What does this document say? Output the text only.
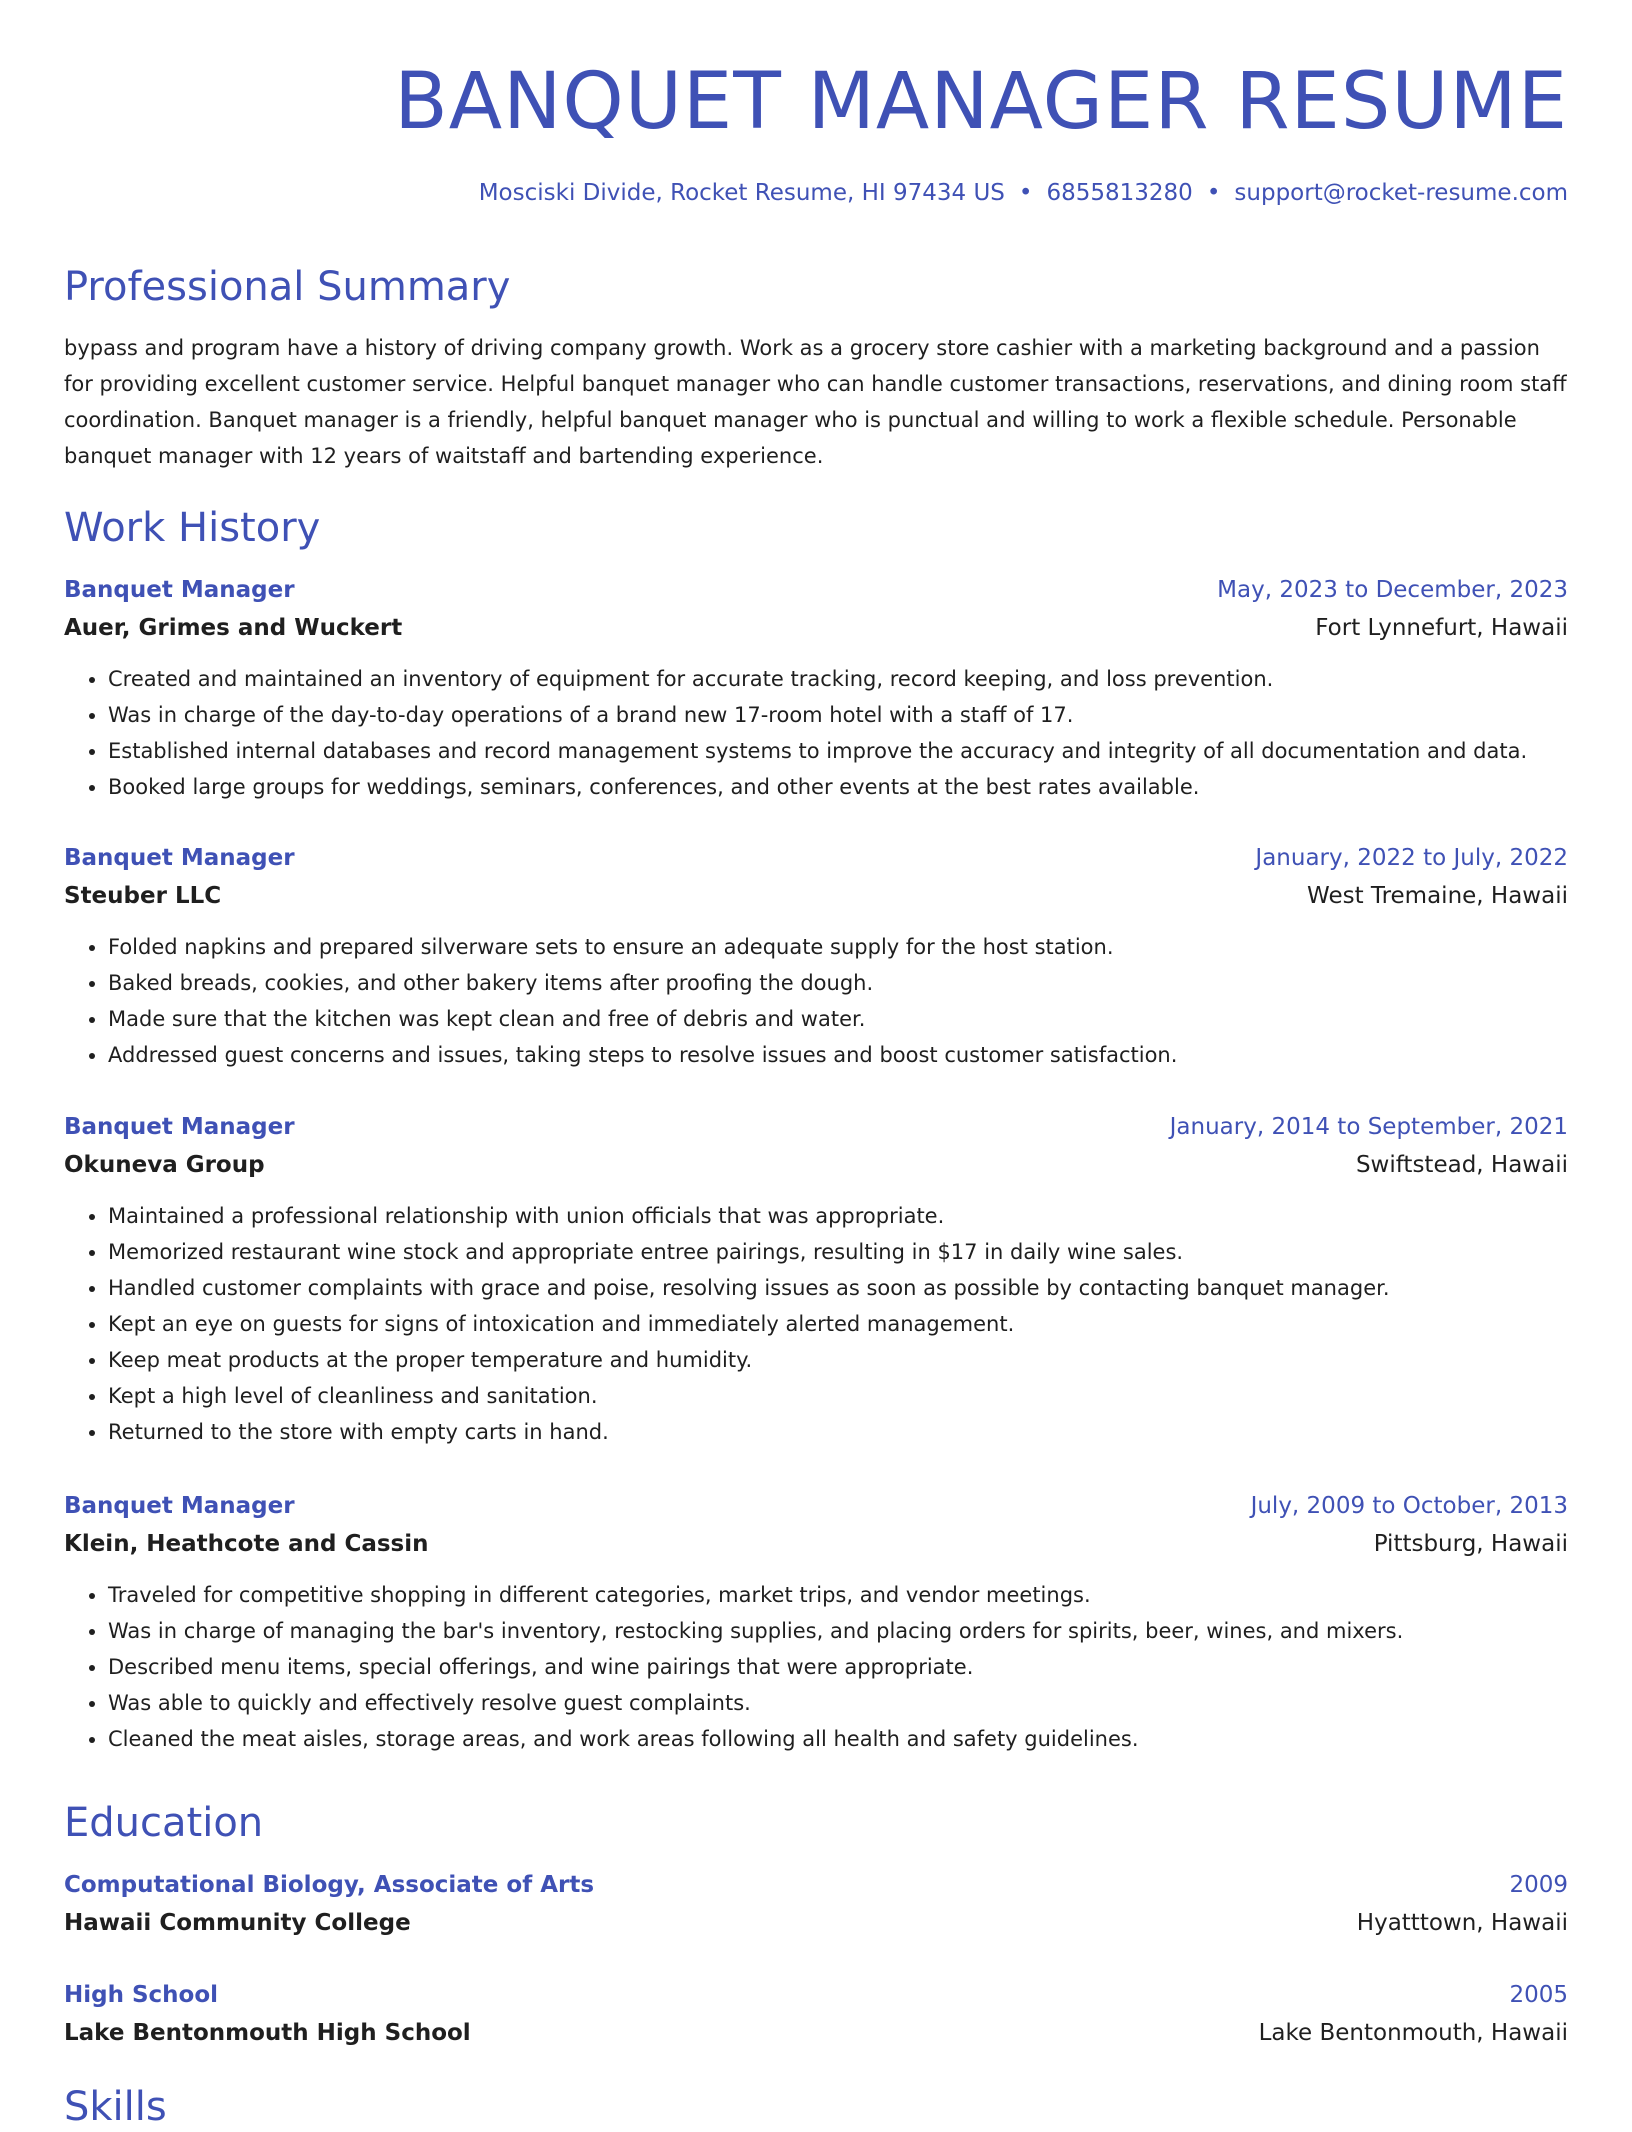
BANQUET MANAGER RESUME
Mosciski Divide, Rocket Resume, HI 97434 US • 6855813280 • support@rocket-resume.com
Professional Summary

bypass and program have a history of driving company growth. Work as a grocery store cashier with a marketing background and a passion for providing excellent customer service. Helpful banquet manager who can handle customer transactions, reservations, and dining room staff coordination. Banquet manager is a friendly, helpful banquet manager who is punctual and willing to work a flexible schedule. Personable banquet manager with 12 years of waitstaff and bartending experience.

Work History
Banquet Manager	May, 2023 to December, 2023
Auer, Grimes and Wuckert	Fort Lynnefurt, Hawaii
• Created and maintained an inventory of equipment for accurate tracking, record keeping, and loss prevention.
• Was in charge of the day-to-day operations of a brand new 17-room hotel with a staff of 17.
• Established internal databases and record management systems to improve the accuracy and integrity of all documentation and data.
• Booked large groups for weddings, seminars, conferences, and other events at the best rates available.
Banquet Manager	January, 2022 to July, 2022
Steuber LLC	West Tremaine, Hawaii
• Folded napkins and prepared silverware sets to ensure an adequate supply for the host station.
• Baked breads, cookies, and other bakery items after proofing the dough.
• Made sure that the kitchen was kept clean and free of debris and water.
• Addressed guest concerns and issues, taking steps to resolve issues and boost customer satisfaction.
Banquet Manager	January, 2014 to September, 2021
Okuneva Group	Swiftstead, Hawaii
• Maintained a professional relationship with union officials that was appropriate.
• Memorized restaurant wine stock and appropriate entree pairings, resulting in $17 in daily wine sales.
• Handled customer complaints with grace and poise, resolving issues as soon as possible by contacting banquet manager.
• Kept an eye on guests for signs of intoxication and immediately alerted management.
• Keep meat products at the proper temperature and humidity.
• Kept a high level of cleanliness and sanitation.
• Returned to the store with empty carts in hand.
Banquet Manager	July, 2009 to October, 2013
Klein, Heathcote and Cassin	Pittsburg, Hawaii
• Traveled for competitive shopping in different categories, market trips, and vendor meetings.
• Was in charge of managing the bar's inventory, restocking supplies, and placing orders for spirits, beer, wines, and mixers.
• Described menu items, special offerings, and wine pairings that were appropriate.
• Was able to quickly and effectively resolve guest complaints.
• Cleaned the meat aisles, storage areas, and work areas following all health and safety guidelines.
Education
Computational Biology, Associate of Arts	2009
Hawaii Community College	Hyatttown, Hawaii
High School	2005
Lake Bentonmouth High School	Lake Bentonmouth, Hawaii
Skills
